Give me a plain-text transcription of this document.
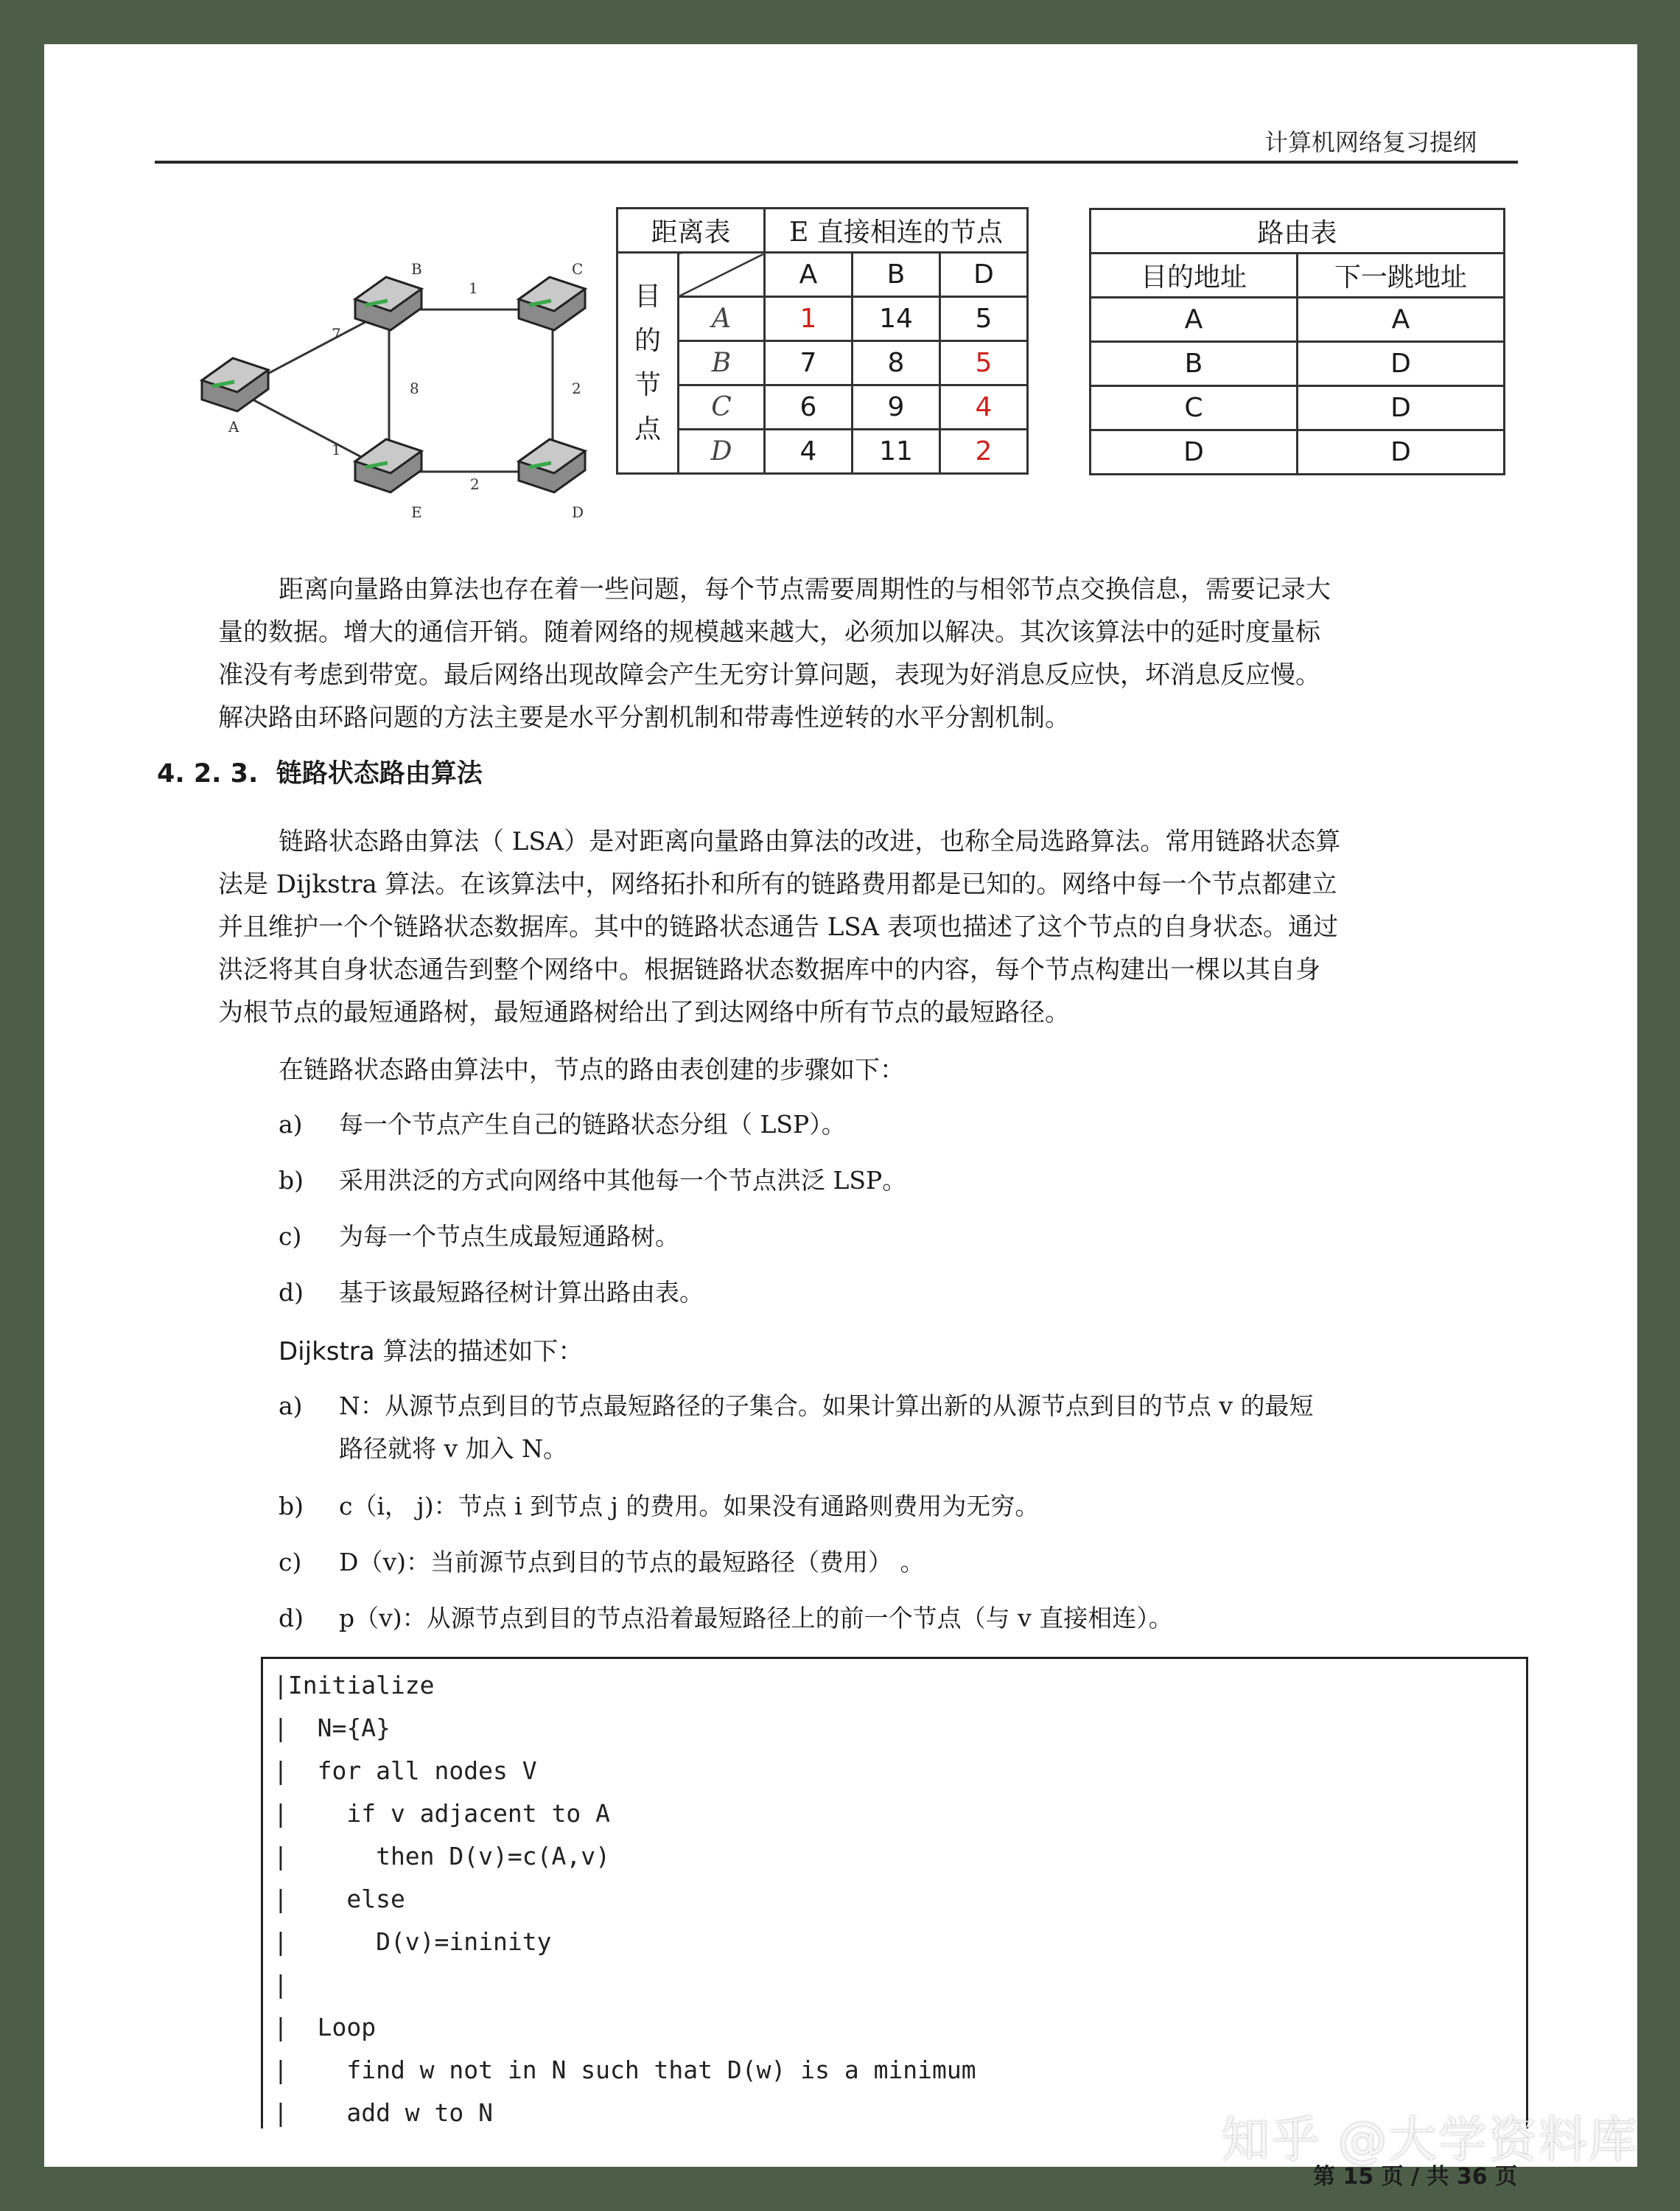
计算机网络复习提纲
7
1
1
8	2
2
A
B	C
D
E
距离表		E 直接相连的节点		
目
的
节
点		A	B	D
	A	1	14	5
	B	7	8	5
	C	6	9	4
	D	4	11	2
路由表	
目的地址	下一跳地址
A	A
B	D
C	D
D	D
距离向量路由算法也存在着一些问题，每个节点需要周期性的与相邻节点交换信息，需要记录大
量的数据。增大的通信开销。随着网络的规模越来越大，必须加以解决。其次该算法中的延时度量标
准没有考虑到带宽。最后网络出现故障会产生无穷计算问题，表现为好消息反应快，坏消息反应慢。
解决路由环路问题的方法主要是水平分割机制和带毒性逆转的水平分割机制。
4. 2. 3. 链路状态路由算法
链路状态路由算法（ LSA）是对距离向量路由算法的改进，也称全局选路算法。常用链路状态算
法是 Dijkstra 算法。在该算法中，网络拓扑和所有的链路费用都是已知的。网络中每一个节点都建立
并且维护一个个链路状态数据库。其中的链路状态通告 LSA 表项也描述了这个节点的自身状态。通过
洪泛将其自身状态通告到整个网络中。根据链路状态数据库中的内容，每个节点构建出一棵以其自身
为根节点的最短通路树，最短通路树给出了到达网络中所有节点的最短路径。
在链路状态路由算法中，节点的路由表创建的步骤如下：
a) 每一个节点产生自己的链路状态分组（ LSP）。
b) 采用洪泛的方式向网络中其他每一个节点洪泛 LSP。
c) 为每一个节点生成最短通路树。
d) 基于该最短路径树计算出路由表。
Dijkstra 算法的描述如下：
a) N：从源节点到目的节点最短路径的子集合。如果计算出新的从源节点到目的节点 v 的最短
路径就将 v 加入 N。
b) c（i， j)：节点 i 到节点 j 的费用。如果没有通路则费用为无穷。
c) D（v)：当前源节点到目的节点的最短路径（费用） 。
d) p（v)：从源节点到目的节点沿着最短路径上的前一个节点（与 v 直接相连）。
|Initialize
|  N={A}
|  for all nodes V
|    if v adjacent to A
|      then D(v)=c(A,v)
|    else
|      D(v)=ininity
|
|  Loop
|    find w not in N such that D(w) is a minimum
|    add w to N
第 15 页 / 共 36 页
知乎 @大学资料库
